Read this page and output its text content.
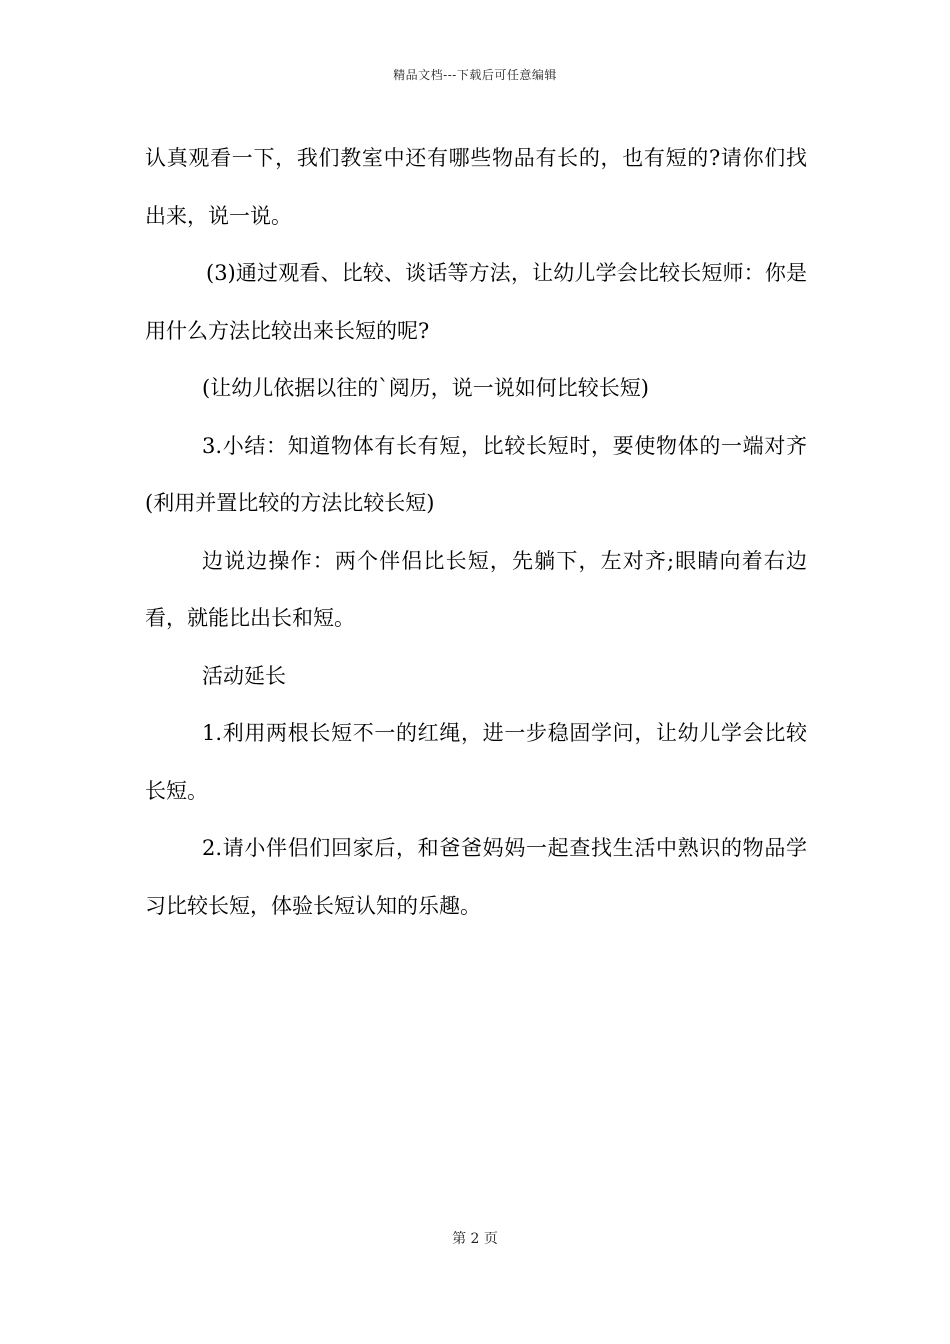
精品文档---下载后可任意编辑

认真观看一下，我们教室中还有哪些物品有长的，也有短的?请你们找出来，说一说。

(3)通过观看、比较、谈话等方法，让幼儿学会比较长短师：你是用什么方法比较出来长短的呢?

(让幼儿依据以往的`阅历，说一说如何比较长短)

3.小结：知道物体有长有短，比较长短时，要使物体的一端对齐(利用并置比较的方法比较长短)

边说边操作：两个伴侣比长短，先躺下，左对齐;眼睛向着右边看，就能比出长和短。

活动延长

1.利用两根长短不一的红绳，进一步稳固学问，让幼儿学会比较长短。

2.请小伴侣们回家后，和爸爸妈妈一起查找生活中熟识的物品学习比较长短，体验长短认知的乐趣。

第 2 页
